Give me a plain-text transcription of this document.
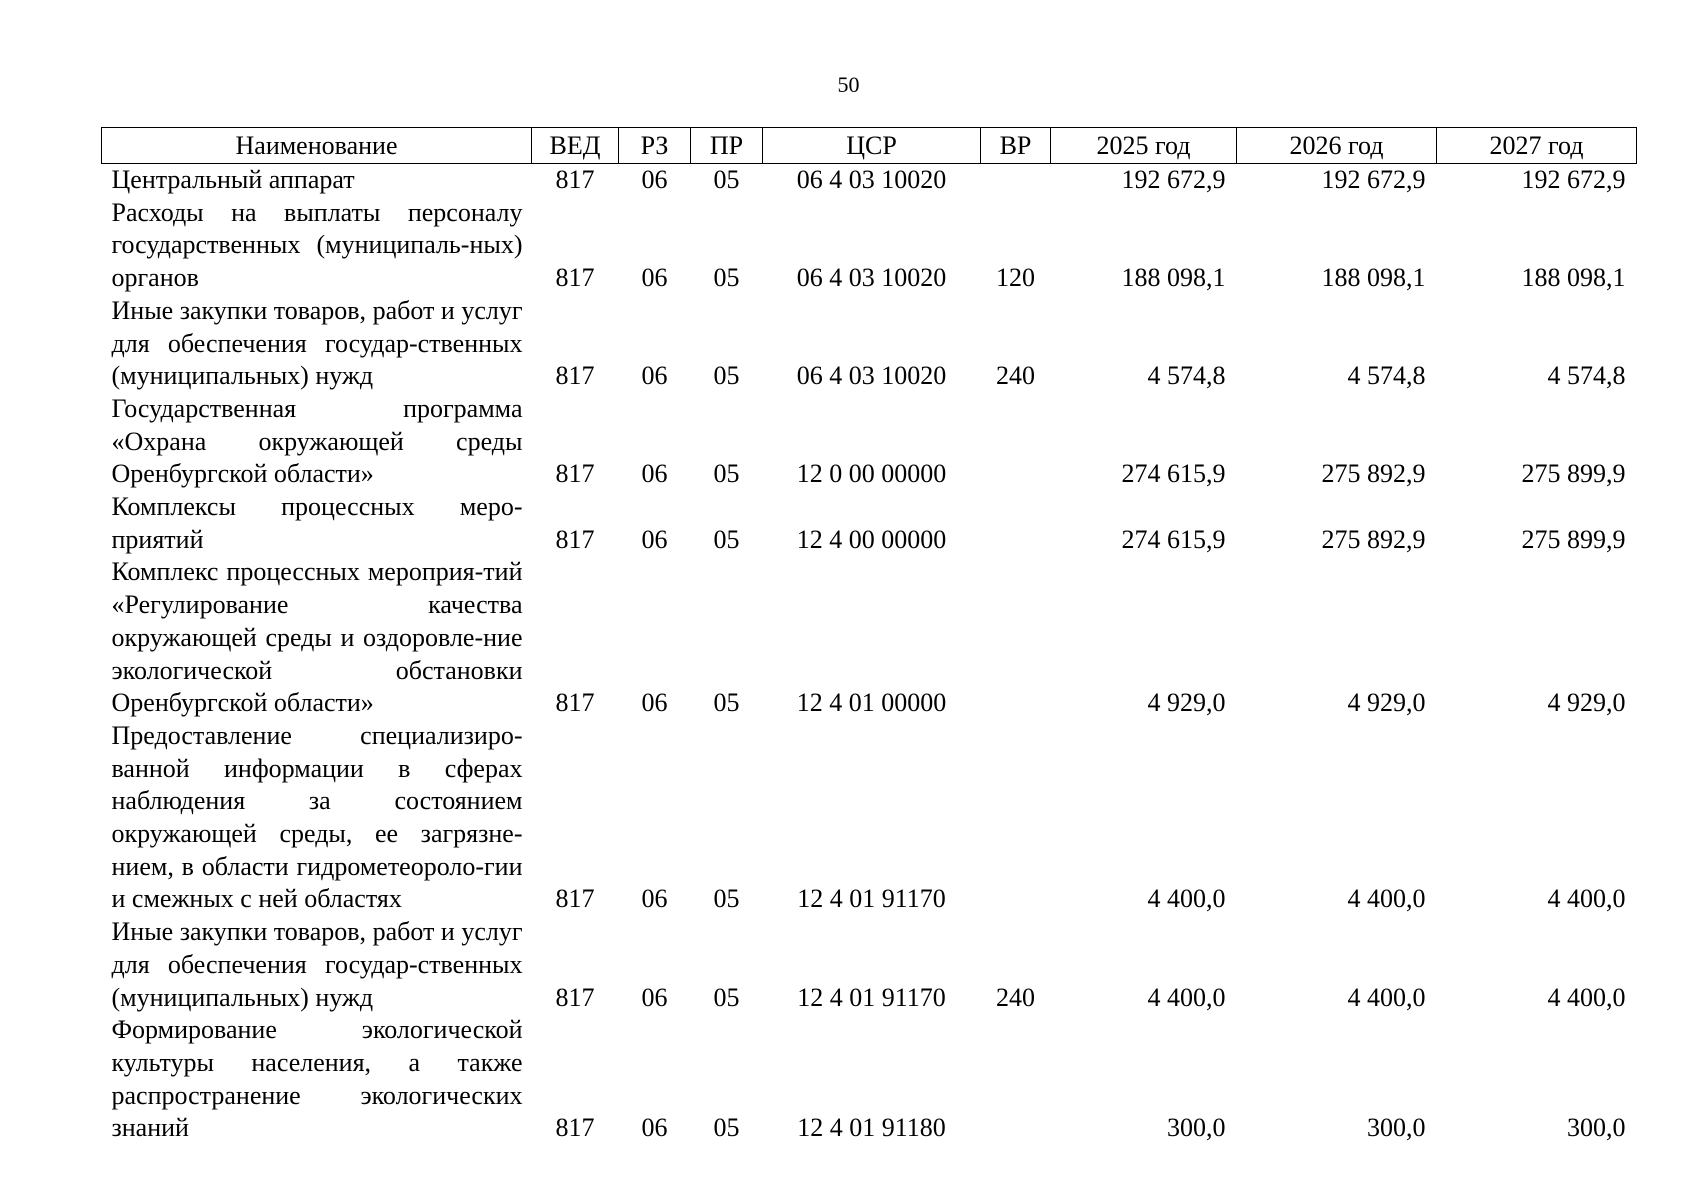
50
Наименование	ВЕД	РЗ	ПР	ЦСР	ВР	2025 год	2026 год	2027 год
Центральный аппарат	817	06	05	06 4 03 10020		192 672,9	192 672,9	192 672,9
Расходы на выплаты персоналу государственных (муниципаль-ных) органов	817	06	05	06 4 03 10020	120	188 098,1	188 098,1	188 098,1
Иные закупки товаров, работ и услуг для обеспечения государ-ственных (муниципальных) нужд	817	06	05	06 4 03 10020	240	4 574,8	4 574,8	4 574,8
Государственная программа «Охрана окружающей среды Оренбургской области»	817	06	05	12 0 00 00000		274 615,9	275 892,9	275 899,9
Комплексы процессных меро-приятий	817	06	05	12 4 00 00000		274 615,9	275 892,9	275 899,9
Комплекс процессных мероприя-тий «Регулирование качества окружающей среды и оздоровле-ние экологической обстановки Оренбургской области»	817	06	05	12 4 01 00000		4 929,0	4 929,0	4 929,0
Предоставление специализиро-ванной информации в сферах наблюдения за состоянием окружающей среды, ее загрязне-нием, в области гидрометеороло-гии и смежных с ней областях	817	06	05	12 4 01 91170		4 400,0	4 400,0	4 400,0
Иные закупки товаров, работ и услуг для обеспечения государ-ственных (муниципальных) нужд	817	06	05	12 4 01 91170	240	4 400,0	4 400,0	4 400,0
Формирование экологической культуры населения, а также распространение экологических знаний	817	06	05	12 4 01 91180		300,0	300,0	300,0
